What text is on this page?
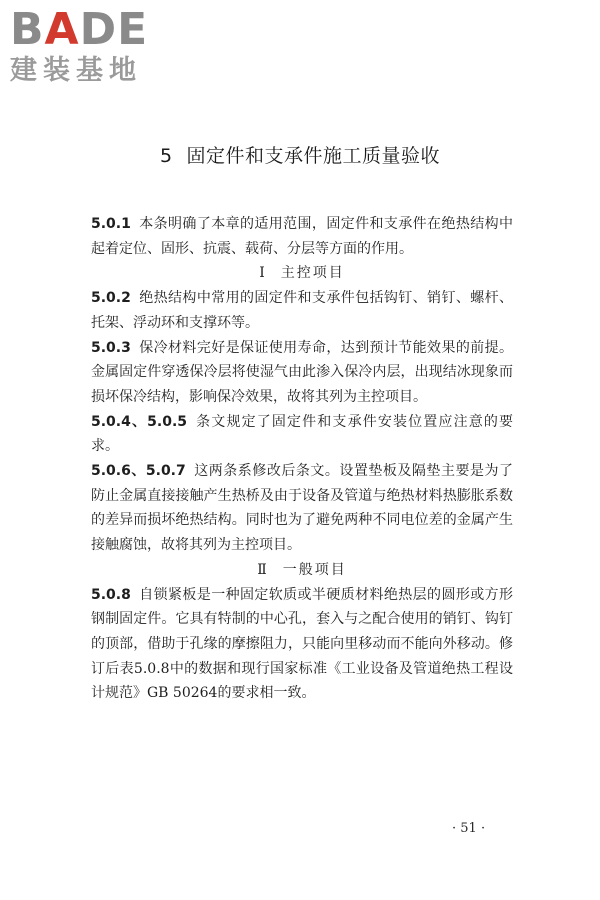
BADE
建装基地
5 固定件和支承件施工质量验收

5.0.1 本条明确了本章的适用范围，固定件和支承件在绝热结构中起着定位、固形、抗震、载荷、分层等方面的作用。

Ⅰ 主控项目

5.0.2 绝热结构中常用的固定件和支承件包括钩钉、销钉、螺杆、托架、浮动环和支撑环等。

5.0.3 保冷材料完好是保证使用寿命，达到预计节能效果的前提。金属固定件穿透保冷层将使湿气由此渗入保冷内层，出现结冰现象而损坏保冷结构，影响保冷效果，故将其列为主控项目。

5.0.4、5.0.5 条文规定了固定件和支承件安装位置应注意的要求。

5.0.6、5.0.7 这两条系修改后条文。设置垫板及隔垫主要是为了防止金属直接接触产生热桥及由于设备及管道与绝热材料热膨胀系数的差异而损坏绝热结构。同时也为了避免两种不同电位差的金属产生接触腐蚀，故将其列为主控项目。

Ⅱ 一般项目

5.0.8 自锁紧板是一种固定软质或半硬质材料绝热层的圆形或方形钢制固定件。它具有特制的中心孔，套入与之配合使用的销钉、钩钉的顶部，借助于孔缘的摩擦阻力，只能向里移动而不能向外移动。修订后表5.0.8中的数据和现行国家标准《工业设备及管道绝热工程设计规范》GB 50264的要求相一致。

· 51 ·
